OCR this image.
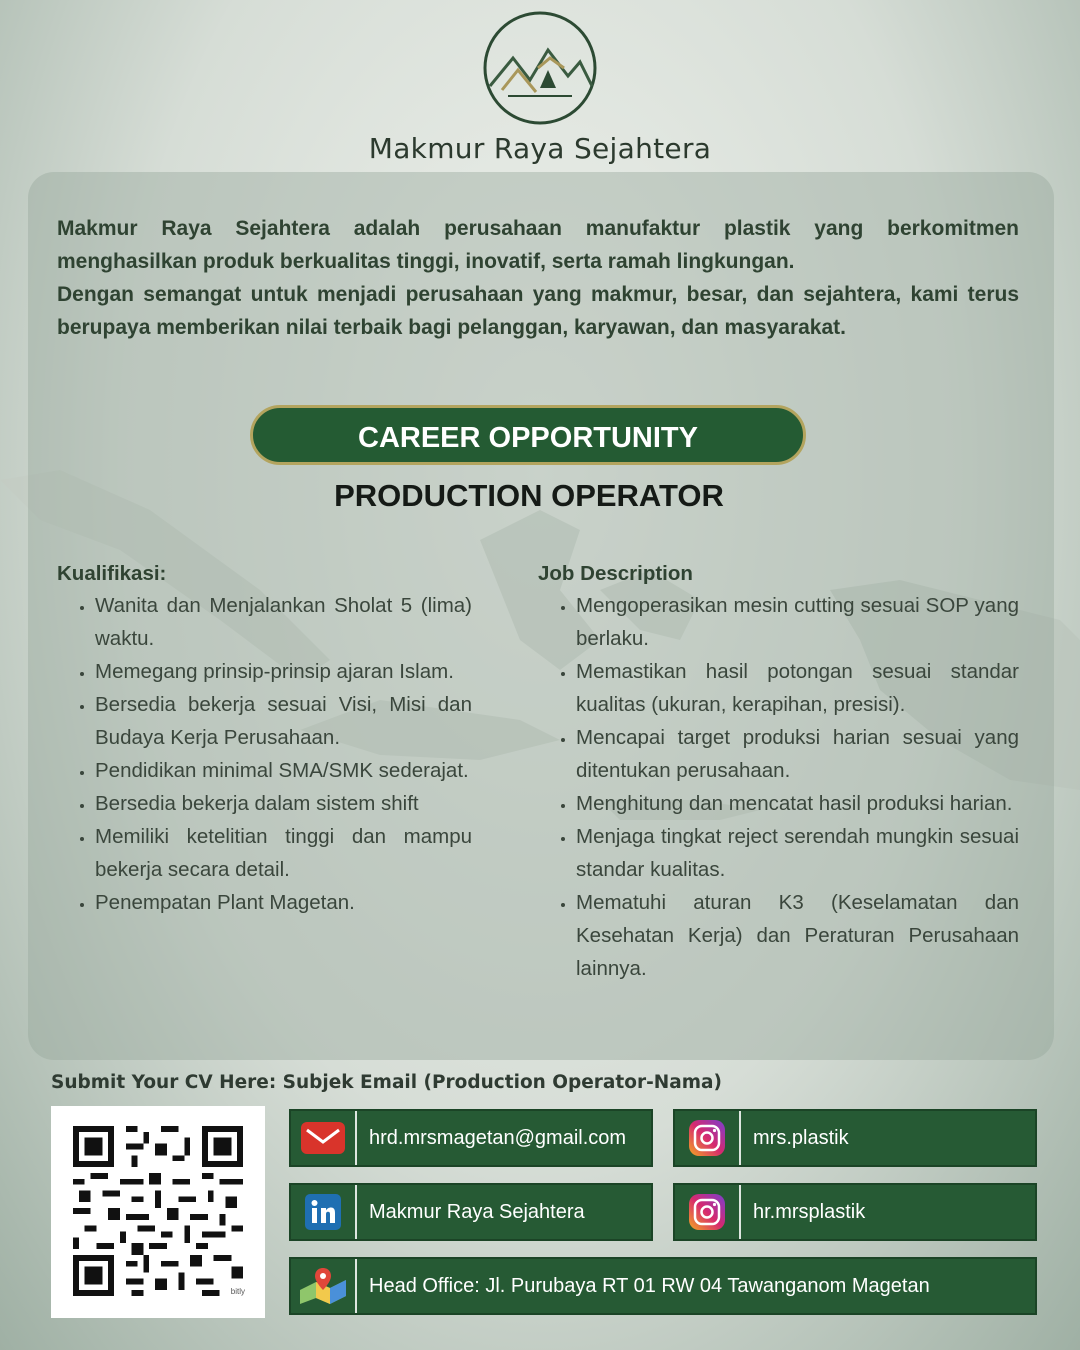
Makmur Raya Sejahtera

Makmur Raya Sejahtera adalah perusahaan manufaktur plastik yang berkomitmen menghasilkan produk berkualitas tinggi, inovatif, serta ramah lingkungan.

Dengan semangat untuk menjadi perusahaan yang makmur, besar, dan sejahtera, kami terus berupaya memberikan nilai terbaik bagi pelanggan, karyawan, dan masyarakat.

CAREER OPPORTUNITY
PRODUCTION OPERATOR
Kualifikasi:
• Wanita dan Menjalankan Sholat 5 (lima) waktu.
• Memegang prinsip-prinsip ajaran Islam.
• Bersedia bekerja sesuai Visi, Misi dan Budaya Kerja Perusahaan.
• Pendidikan minimal SMA/SMK sederajat.
• Bersedia bekerja dalam sistem shift
• Memiliki ketelitian tinggi dan mampu bekerja secara detail.
• Penempatan Plant Magetan.
Job Description
• Mengoperasikan mesin cutting sesuai SOP yang berlaku.
• Memastikan hasil potongan sesuai standar kualitas (ukuran, kerapihan, presisi).
• Mencapai target produksi harian sesuai yang ditentukan perusahaan.
• Menghitung dan mencatat hasil produksi harian.
• Menjaga tingkat reject serendah mungkin sesuai standar kualitas.
• Mematuhi aturan K3 (Keselamatan dan Kesehatan Kerja) dan Peraturan Perusahaan lainnya.
Submit Your CV Here: Subjek Email (Production Operator-Nama)
bitly
hrd.mrsmagetan@gmail.com	mrs.plastik
Makmur Raya Sejahtera	hr.mrsplastik
Head Office: Jl. Purubaya RT 01 RW 04 Tawanganom Magetan
